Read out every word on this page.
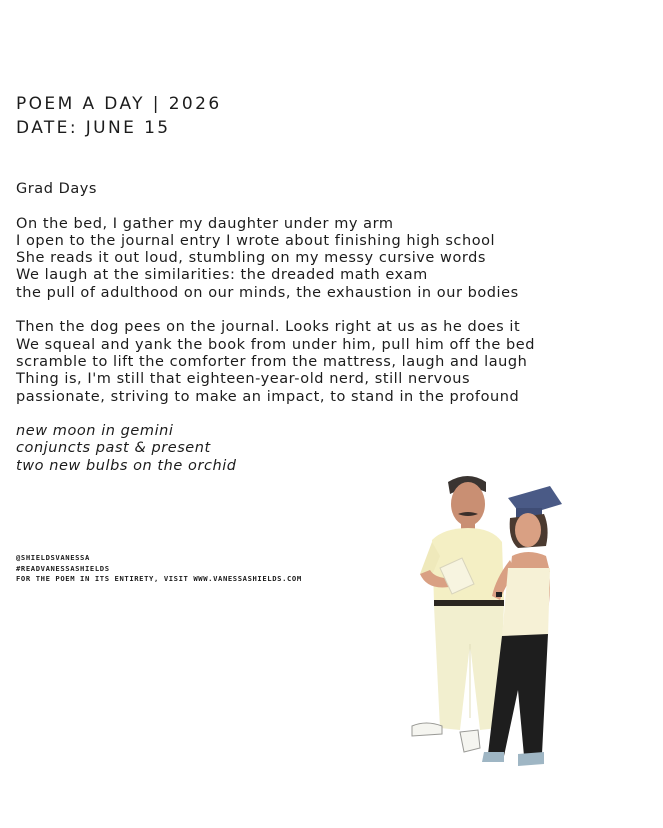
POEM A DAY | 2026

DATE: JUNE 15

Grad Days

On the bed, I gather my daughter under my arm
I open to the journal entry I wrote about finishing high school
She reads it out loud, stumbling on my messy cursive words
We laugh at the similarities: the dreaded math exam
the pull of adulthood on our minds, the exhaustion in our bodies

Then the dog pees on the journal. Looks right at us as he does it
We squeal and yank the book from under him, pull him off the bed
scramble to lift the comforter from the mattress, laugh and laugh
Thing is, I'm still that eighteen-year-old nerd, still nervous
passionate, striving to make an impact, to stand in the profound

new moon in gemini
conjuncts past & present
two new bulbs on the orchid

@SHIELDSVANESSA
#READVANESSASHIELDS
FOR THE POEM IN ITS ENTIRETY, VISIT WWW.VANESSASHIELDS.COM
